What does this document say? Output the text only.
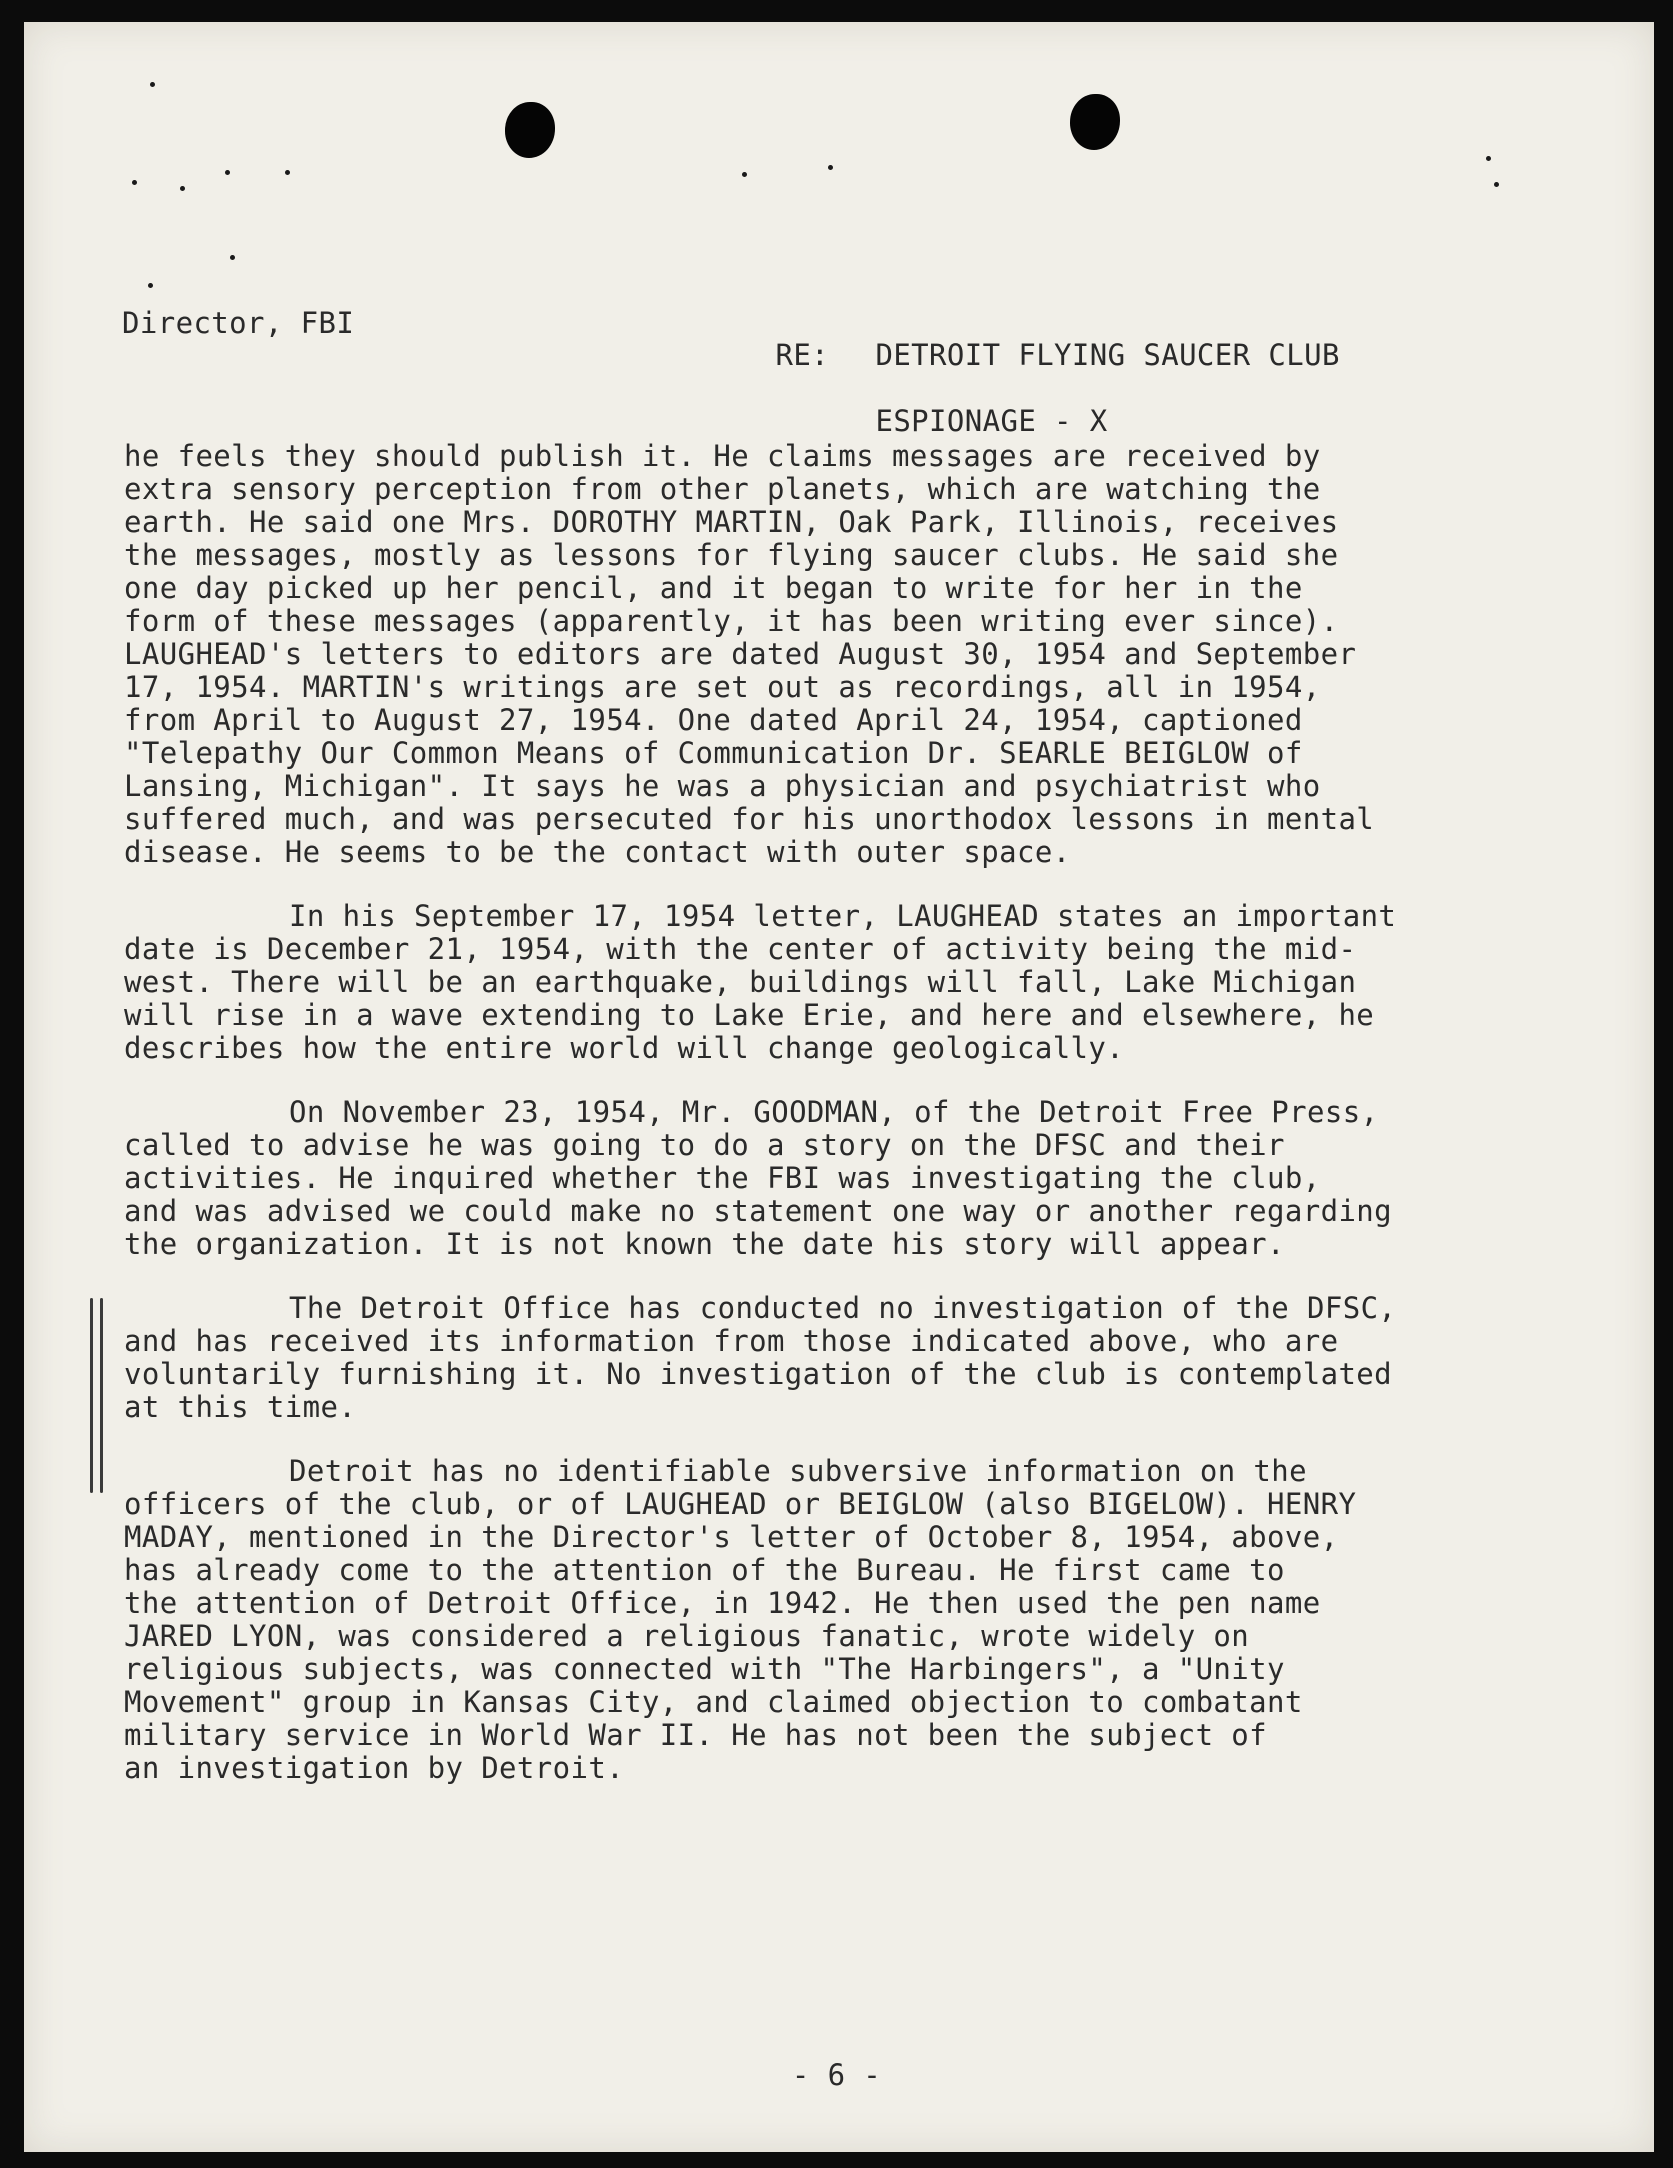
Director, FBI

RE: DETROIT FLYING SAUCER CLUB

ESPIONAGE - X

he feels they should publish it. He claims messages are received by
extra sensory perception from other planets, which are watching the
earth. He said one Mrs. DOROTHY MARTIN, Oak Park, Illinois, receives
the messages, mostly as lessons for flying saucer clubs. He said she
one day picked up her pencil, and it began to write for her in the
form of these messages (apparently, it has been writing ever since).
LAUGHEAD's letters to editors are dated August 30, 1954 and September
17, 1954. MARTIN's writings are set out as recordings, all in 1954,
from April to August 27, 1954. One dated April 24, 1954, captioned
"Telepathy Our Common Means of Communication Dr. SEARLE BEIGLOW of
Lansing, Michigan". It says he was a physician and psychiatrist who
suffered much, and was persecuted for his unorthodox lessons in mental
disease. He seems to be the contact with outer space.

In his September 17, 1954 letter, LAUGHEAD states an important
date is December 21, 1954, with the center of activity being the mid-
west. There will be an earthquake, buildings will fall, Lake Michigan
will rise in a wave extending to Lake Erie, and here and elsewhere, he
describes how the entire world will change geologically.

On November 23, 1954, Mr. GOODMAN, of the Detroit Free Press,
called to advise he was going to do a story on the DFSC and their
activities. He inquired whether the FBI was investigating the club,
and was advised we could make no statement one way or another regarding
the organization. It is not known the date his story will appear.

The Detroit Office has conducted no investigation of the DFSC,
and has received its information from those indicated above, who are
voluntarily furnishing it. No investigation of the club is contemplated
at this time.

Detroit has no identifiable subversive information on the
officers of the club, or of LAUGHEAD or BEIGLOW (also BIGELOW). HENRY
MADAY, mentioned in the Director's letter of October 8, 1954, above,
has already come to the attention of the Bureau. He first came to
the attention of Detroit Office, in 1942. He then used the pen name
JARED LYON, was considered a religious fanatic, wrote widely on
religious subjects, was connected with "The Harbingers", a "Unity
Movement" group in Kansas City, and claimed objection to combatant
military service in World War II. He has not been the subject of
an investigation by Detroit.

- 6 -
